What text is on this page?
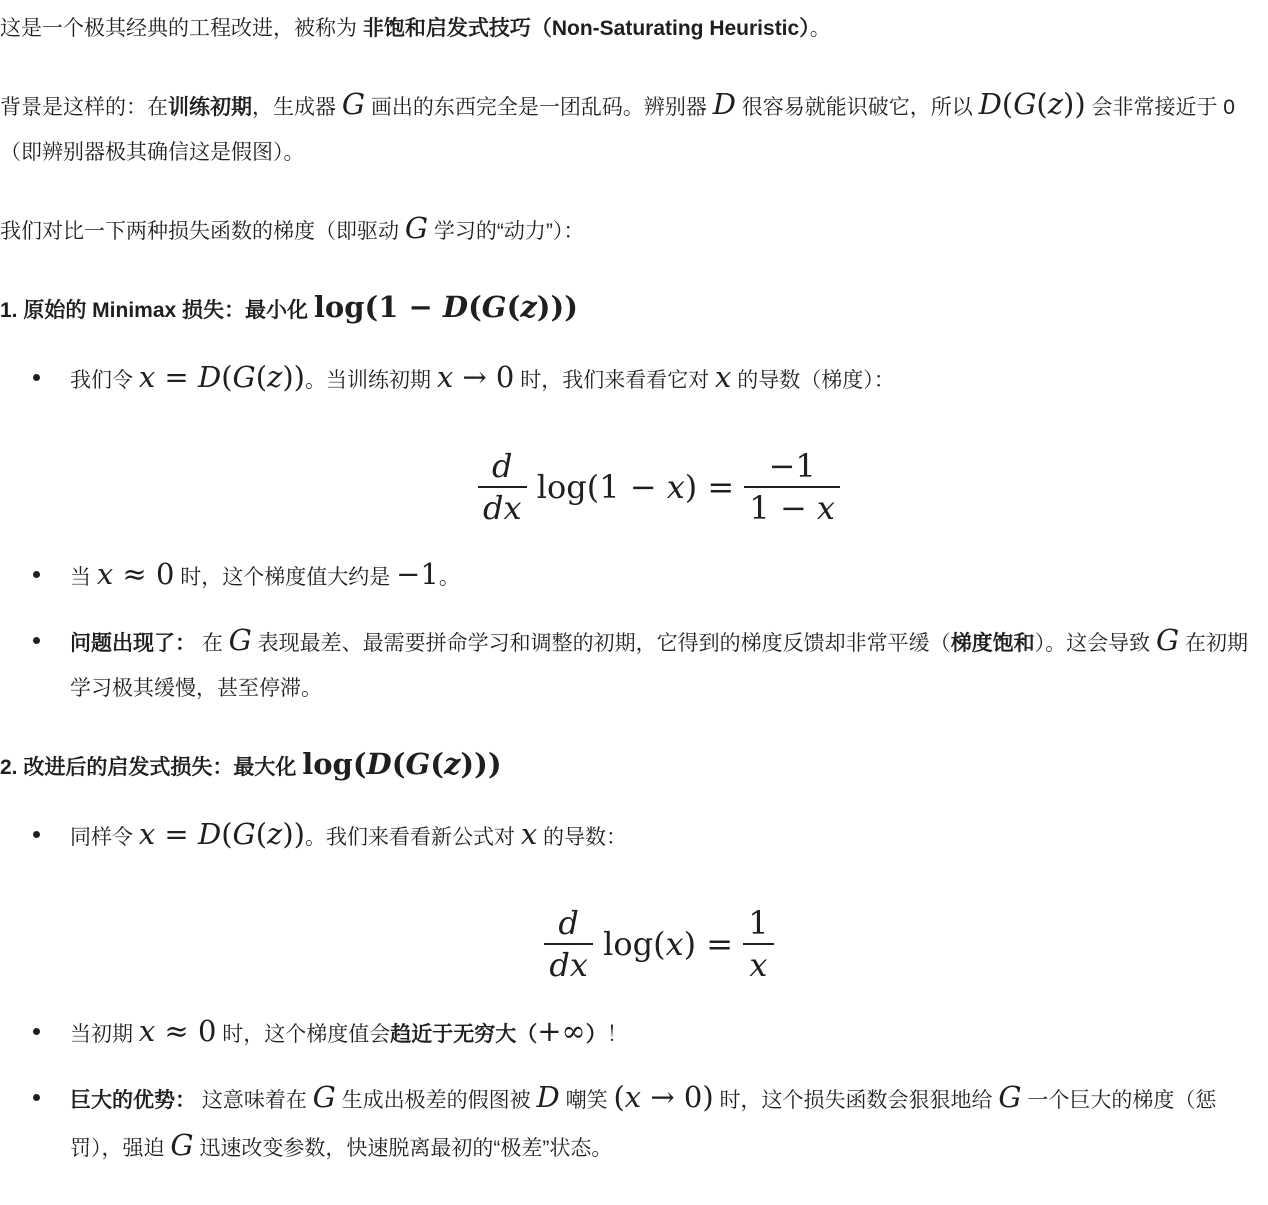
这是一个极其经典的工程改进，被称为 非饱和启发式技巧（Non-Saturating Heuristic）。

背景是这样的：在训练初期，生成器 G 画出的东西完全是一团乱码。辨别器 D 很容易就能识破它，所以 D(G(z)) 会非常接近于 0（即辨别器极其确信这是假图）。

我们对比一下两种损失函数的梯度（即驱动 G 学习的“动力”）：

1. 原始的 Minimax 损失：最小化 log(1 − D(G(z)))

我们令 x = D(G(z))。当训练初期 x → 0 时，我们来看看它对 x 的导数（梯度）：
$\frac{d}{dx} \log(1 - x) = \frac{-1}{1 - x}$
当 x ≈ 0 时，这个梯度值大约是 −1。
问题出现了： 在 G 表现最差、最需要拼命学习和调整的初期，它得到的梯度反馈却非常平缓（梯度饱和）。这会导致 G 在初期学习极其缓慢，甚至停滞。

2. 改进后的启发式损失：最大化 log(D(G(z)))

同样令 x = D(G(z))。我们来看看新公式对 x 的导数：
$\frac{d}{dx} \log(x) = \frac{1}{x}$
当初期 x ≈ 0 时，这个梯度值会趋近于无穷大（+∞）！
巨大的优势： 这意味着在 G 生成出极差的假图被 D 嘲笑 (x → 0) 时，这个损失函数会狠狠地给 G 一个巨大的梯度（惩罚），强迫 G 迅速改变参数，快速脱离最初的“极差”状态。
